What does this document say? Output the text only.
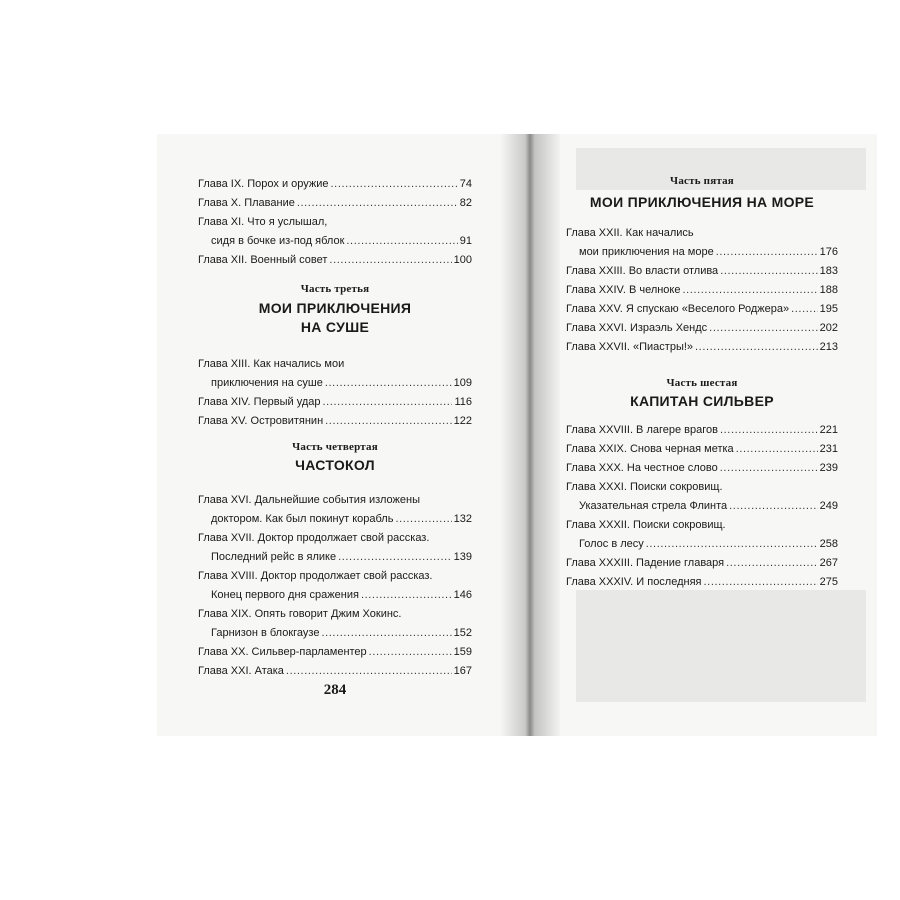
Глава IX. Порох и оружие .....	74
Глава X. Плавание .....	82
Глава XI. Что я услышал,
сидя в бочке из-под яблок .....	91
Глава XII. Военный совет .....	100
Часть третья
МОИ ПРИКЛЮЧЕНИЯ
НА СУШЕ
Глава XIII. Как начались мои
приключения на суше .....	109
Глава XIV. Первый удар .....	116
Глава XV. Островитянин .....	122
Часть четвертая
ЧАСТОКОЛ
Глава XVI. Дальнейшие события изложены
доктором. Как был покинут корабль .....	132
Глава XVII. Доктор продолжает свой рассказ.
Последний рейс в ялике .....	139
Глава XVIII. Доктор продолжает свой рассказ.
Конец первого дня сражения .....	146
Глава XIX. Опять говорит Джим Хокинс.
Гарнизон в блокгаузе .....	152
Глава XX. Сильвер-парламентер .....	159
Глава XXI. Атака .....	167
284
Часть пятая
МОИ ПРИКЛЮЧЕНИЯ НА МОРЕ
Глава XXII. Как начались
мои приключения на море .....	176
Глава XXIII. Во власти отлива .....	183
Глава XXIV. В челноке .....	188
Глава XXV. Я спускаю «Веселого Роджера» .....	195
Глава XXVI. Израэль Хендс .....	202
Глава XXVII. «Пиастры!» .....	213
Часть шестая
КАПИТАН СИЛЬВЕР
Глава XXVIII. В лагере врагов .....	221
Глава XXIX. Снова черная метка .....	231
Глава XXX. На честное слово .....	239
Глава XXXI. Поиски сокровищ.
Указательная стрела Флинта .....	249
Глава XXXII. Поиски сокровищ.
Голос в лесу .....	258
Глава XXXIII. Падение главаря .....	267
Глава XXXIV. И последняя .....	275
